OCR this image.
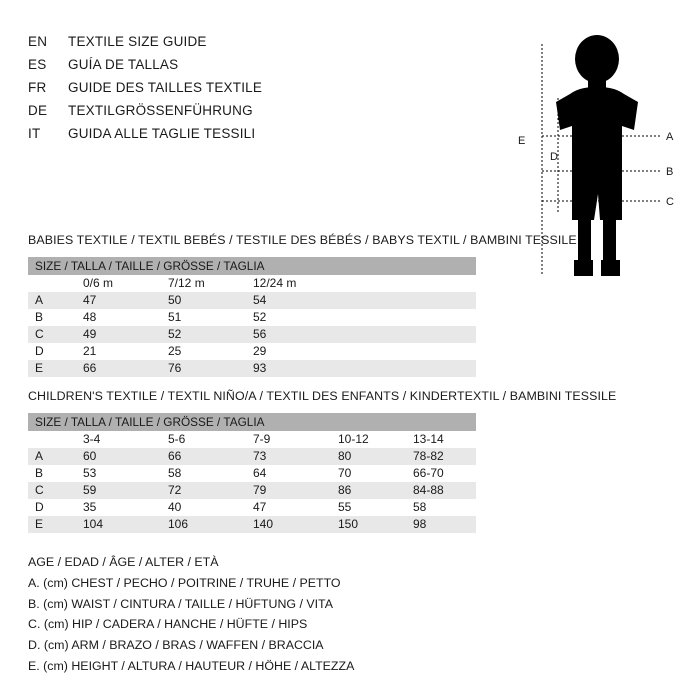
EN	TEXTILE SIZE GUIDE
ES	GUÍA DE TALLAS
FR	GUIDE DES TAILLES TEXTILE
DE	TEXTILGRÖSSENFÜHRUNG
IT	GUIDA ALLE TAGLIE TESSILI	A
B
C
D
E
BABIES TEXTILE / TEXTIL BEBÉS / TESTILE DES BÉBÉS / BABYS TEXTIL / BAMBINI TESSILE
SIZE / TALLA / TAILLE / GRÖSSE / TAGLIA				
	0/6 m	7/12 m	12/24 m	
A	47	50	54	
B	48	51	52	
C	49	52	56	
D	21	25	29	
E	66	76	93	
CHILDREN'S TEXTILE / TEXTIL NIÑO/A / TEXTIL DES ENFANTS / KINDERTEXTIL / BAMBINI TESSILE
SIZE / TALLA / TAILLE / GRÖSSE / TAGLIA					
	3-4	5-6	7-9	10-12	13-14
A	60	66	73	80	78-82
B	53	58	64	70	66-70
C	59	72	79	86	84-88
D	35	40	47	55	58
E	104	106	140	150	98
AGE / EDAD / ÂGE / ALTER / ETÀ
A. (cm) CHEST / PECHO / POITRINE / TRUHE / PETTO
B. (cm) WAIST / CINTURA / TAILLE / HÜFTUNG / VITA
C. (cm) HIP / CADERA / HANCHE / HÜFTE / HIPS
D. (cm) ARM / BRAZO / BRAS / WAFFEN / BRACCIA
E. (cm) HEIGHT / ALTURA / HAUTEUR / HÖHE / ALTEZZA
